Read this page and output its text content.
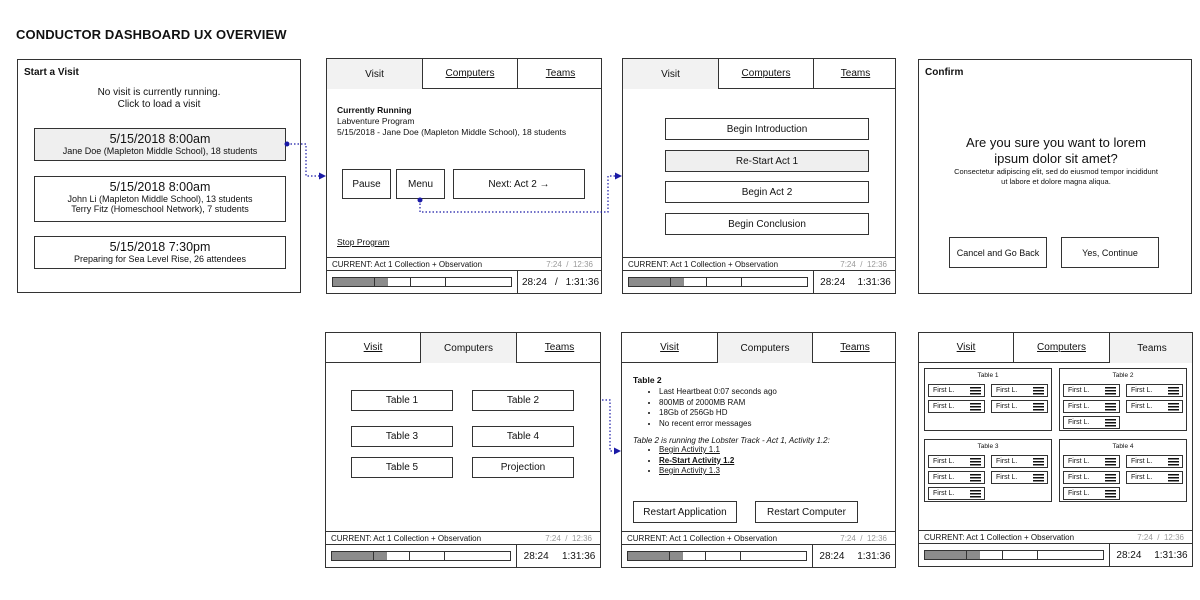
CONDUCTOR DASHBOARD UX OVERVIEW
Start a Visit
No visit is currently running.
Click to load a visit
5/15/2018 8:00am
Jane Doe (Mapleton Middle School), 18 students
5/15/2018 8:00am
John Li (Mapleton Middle School), 13 students
Terry Fitz (Homeschool Network), 7 students
5/15/2018 7:30pm
Preparing for Sea Level Rise, 26 attendees
Visit	Computers	Teams
Currently Running
Labventure Program
5/15/2018 - Jane Doe (Mapleton Middle School), 18 students
Pause	Menu	Next: Act 2 →
Stop Program
CURRENT: Act 1 Collection + Observation	7:24 / 12:36
28:24 / 1:31:36
Visit	Computers	Teams
Begin Introduction
Re-Start Act 1
Begin Act 2
Begin Conclusion
CURRENT: Act 1 Collection + Observation	7:24 / 12:36
28:24 1:31:36
Confirm
Are you sure you want to lorem ipsum dolor sit amet?
Consectetur adipiscing elit, sed do eiusmod tempor incididunt ut labore et dolore magna aliqua.
Cancel and Go Back	Yes, Continue
Visit	Computers	Teams
Table 1	Table 2
Table 3	Table 4
Table 5	Projection
CURRENT: Act 1 Collection + Observation	7:24 / 12:36
28:24 1:31:36
Visit	Computers	Teams
Table 2
• Last Heartbeat 0:07 seconds ago
• 800MB of 2000MB RAM
• 18Gb of 256Gb HD
• No recent error messages
Table 2 is running the Lobster Track - Act 1, Activity 1.2:
• Begin Activity 1.1
• Re-Start Activity 1.2
• Begin Activity 1.3
Restart Application	Restart Computer
CURRENT: Act 1 Collection + Observation	7:24 / 12:36
28:24 1:31:36
Visit	Computers	Teams
Table 1
First L.	First L.
First L.	First L.
Table 2
First L.	First L.
First L.	First L.
First L.
Table 3
First L.	First L.
First L.	First L.
First L.
Table 4
First L.	First L.
First L.	First L.
First L.
CURRENT: Act 1 Collection + Observation	7:24 / 12:36
28:24 1:31:36
